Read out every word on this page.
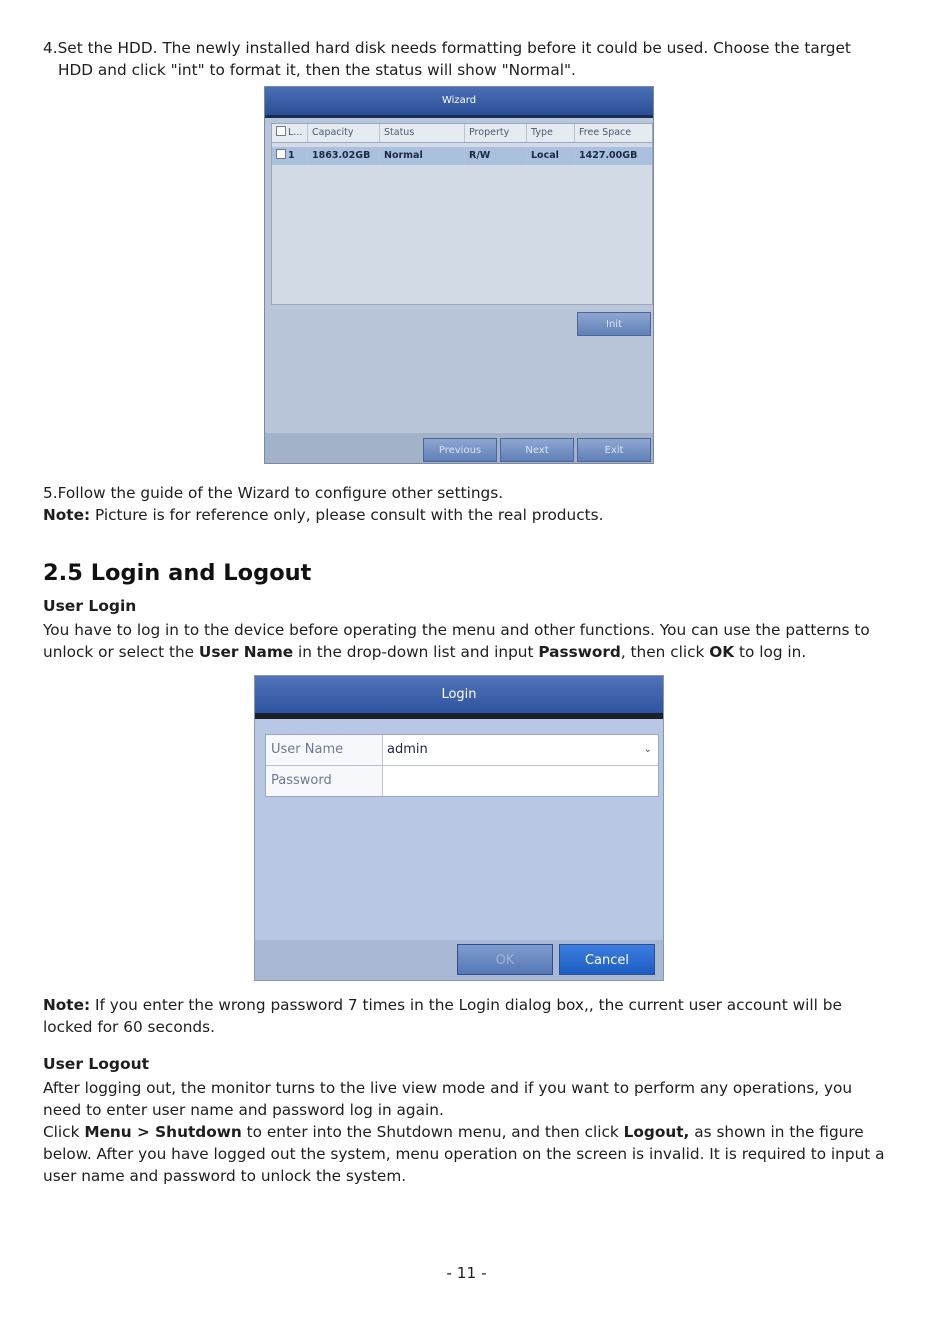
4.Set the HDD. The newly installed hard disk needs formatting before it could be used. Choose the target
HDD and click "int" to format it, then the status will show "Normal".

Wizard
L...	Capacity	Status	Property	Type	Free Space
1	1863.02GB	Normal	R/W	Local	1427.00GB
Init
Previous	Next	Exit

5.Follow the guide of the Wizard to configure other settings.
Note: Picture is for reference only, please consult with the real products.

2.5 Login and Logout

User Login

You have to log in to the device before operating the menu and other functions. You can use the patterns to unlock or select the User Name in the drop-down list and input Password, then click OK to log in.

Login
User Name	admin	⌄
Password
OK	Cancel

Note: If you enter the wrong password 7 times in the Login dialog box,, the current user account will be locked for 60 seconds.

User Logout

After logging out, the monitor turns to the live view mode and if you want to perform any operations, you need to enter user name and password log in again.
Click Menu > Shutdown to enter into the Shutdown menu, and then click Logout, as shown in the figure below. After you have logged out the system, menu operation on the screen is invalid. It is required to input a user name and password to unlock the system.

- 11 -
